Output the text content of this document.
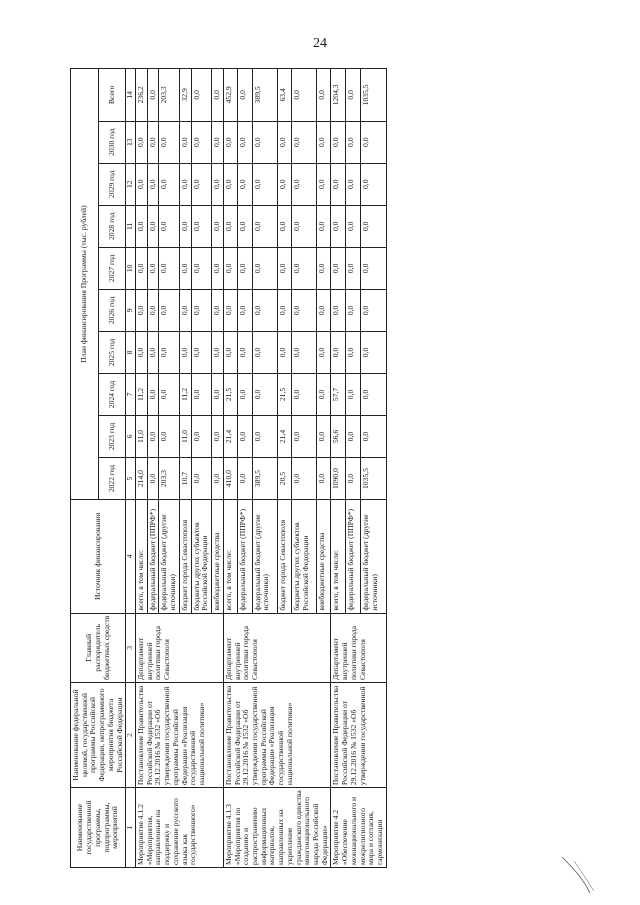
24
Наименование государственной программы, подпрограммы, мероприятий	Наименование федеральной целевой, государственной программы Российской Федерации, непрограммного мероприятия бюджета Российской Федерации	Главный распорядитель бюджетных средств	Источник финансирования	План финансирования Программы (тыс. рублей)									
				2022 год	2023 год	2024 год	2025 год	2026 год	2027 год	2028 год	2029 год	2030 год	Всего
1	2	3	4	5	6	7	8	9	10	11	12	13	14
Мероприятие 4.1.2 «Мероприятия, направленные на поддержку и сохранение русского языка как государственного»	Постановление Правительства Российской Федерации от 29.12.2016 № 1532 «Об утверждении государственной программы Российской Федерации «Реализация государственной национальной политики»	Департамент внутренней политики города Севастополя	всего, в том числе:	214,0	11,0	11,2	0,0	0,0	0,0	0,0	0,0	0,0	236,2
			федеральный бюджет (ППРФ*)	0,0	0,0	0,0	0,0	0,0	0,0	0,0	0,0	0,0	0,0
			федеральный бюджет (другие источники)	203,3	0,0	0,0	0,0	0,0	0,0	0,0	0,0	0,0	203,3
			бюджет города Севастополя	10,7	11,0	11,2	0,0	0,0	0,0	0,0	0,0	0,0	32,9
			бюджеты других субъектов Российской Федерации	0,0	0,0	0,0	0,0	0,0	0,0	0,0	0,0	0,0	0,0
			внебюджетные средства	0,0	0,0	0,0	0,0	0,0	0,0	0,0	0,0	0,0	0,0
Мероприятие 4.1.3 «Мероприятия по созданию и распространению информационных материалов, направленных на укрепление гражданского единства многонационального народа Российской Федерации»	Постановление Правительства Российской Федерации от 29.12.2016 № 1532 «Об утверждении государственной программы Российской Федерации «Реализация государственной национальной политики»	Департамент внутренней политики города Севастополя	всего, в том числе:	410,0	21,4	21,5	0,0	0,0	0,0	0,0	0,0	0,0	452,9
			федеральный бюджет (ППРФ*)	0,0	0,0	0,0	0,0	0,0	0,0	0,0	0,0	0,0	0,0
			федеральный бюджет (другие источники)	389,5	0,0	0,0	0,0	0,0	0,0	0,0	0,0	0,0	389,5
			бюджет города Севастополя	20,5	21,4	21,5	0,0	0,0	0,0	0,0	0,0	0,0	63,4
			бюджеты других субъектов Российской Федерации	0,0	0,0	0,0	0,0	0,0	0,0	0,0	0,0	0,0	0,0
			внебюджетные средства	0,0	0,0	0,0	0,0	0,0	0,0	0,0	0,0	0,0	0,0
Мероприятие 4.2 «Обеспечение межнационального и межрелигиозного мира и согласия, гармонизации	Постановление Правительства Российской Федерации от 29.12.2016 № 1532 «Об утверждении государственной	Департамент внутренней политики города Севастополя	всего, в том числе:	1090,0	56,6	57,7	0,0	0,0	0,0	0,0	0,0	0,0	1204,3
			федеральный бюджет (ППРФ*)	0,0	0,0	0,0	0,0	0,0	0,0	0,0	0,0	0,0	0,0
			федеральный бюджет (другие источники)	1035,5	0,0	0,0	0,0	0,0	0,0	0,0	0,0	0,0	1035,5
